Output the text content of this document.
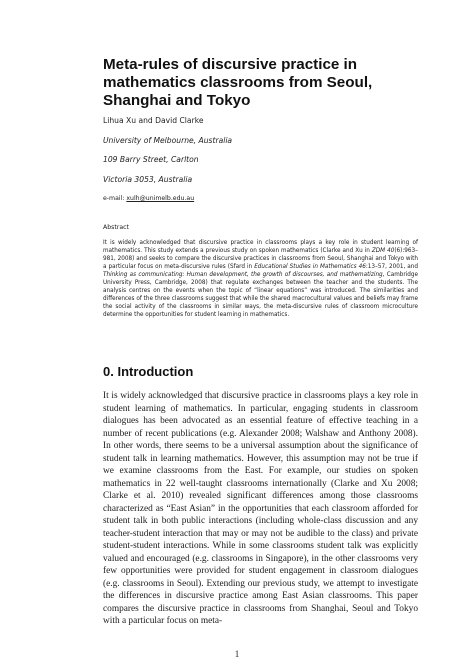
Meta-rules of discursive practice in mathematics classrooms from Seoul, Shanghai and Tokyo
Lihua Xu and David Clarke
University of Melbourne, Australia
109 Barry Street, Carlton
Victoria 3053, Australia
e-mail: xulh@unimelb.edu.au
Abstract

It is widely acknowledged that discursive practice in classrooms plays a key role in student learning of mathematics. This study extends a previous study on spoken mathematics (Clarke and Xu in ZDM 40(6):963–981, 2008) and seeks to compare the discursive practices in classrooms from Seoul, Shanghai and Tokyo with a particular focus on meta-discursive rules (Sfard in Educational Studies in Mathematics 46:13–57, 2001, and Thinking as communicating: Human development, the growth of discourses, and mathematizing, Cambridge University Press, Cambridge, 2008) that regulate exchanges between the teacher and the students. The analysis centres on the events when the topic of “linear equations” was introduced. The similarities and differences of the three classrooms suggest that while the shared macrocultural values and beliefs may frame the social activity of the classrooms in similar ways, the meta-discursive rules of classroom microculture determine the opportunities for student learning in mathematics.

0. Introduction

It is widely acknowledged that discursive practice in classrooms plays a key role in student learning of mathematics. In particular, engaging students in classroom dialogues has been advocated as an essential feature of effective teaching in a number of recent publications (e.g. Alexander 2008; Walshaw and Anthony 2008). In other words, there seems to be a universal assumption about the significance of student talk in learning mathematics. However, this assumption may not be true if we examine classrooms from the East. For example, our studies on spoken mathematics in 22 well-taught classrooms internationally (Clarke and Xu 2008; Clarke et al. 2010) revealed significant differences among those classrooms characterized as “East Asian” in the opportunities that each classroom afforded for student talk in both public interactions (including whole-class discussion and any teacher-student interaction that may or may not be audible to the class) and private student-student interactions. While in some classrooms student talk was explicitly valued and encouraged (e.g. classrooms in Singapore), in the other classrooms very few opportunities were provided for student engagement in classroom dialogues (e.g. classrooms in Seoul). Extending our previous study, we attempt to investigate the differences in discursive practice among East Asian classrooms. This paper compares the discursive practice in classrooms from Shanghai, Seoul and Tokyo with a particular focus on meta-

1
